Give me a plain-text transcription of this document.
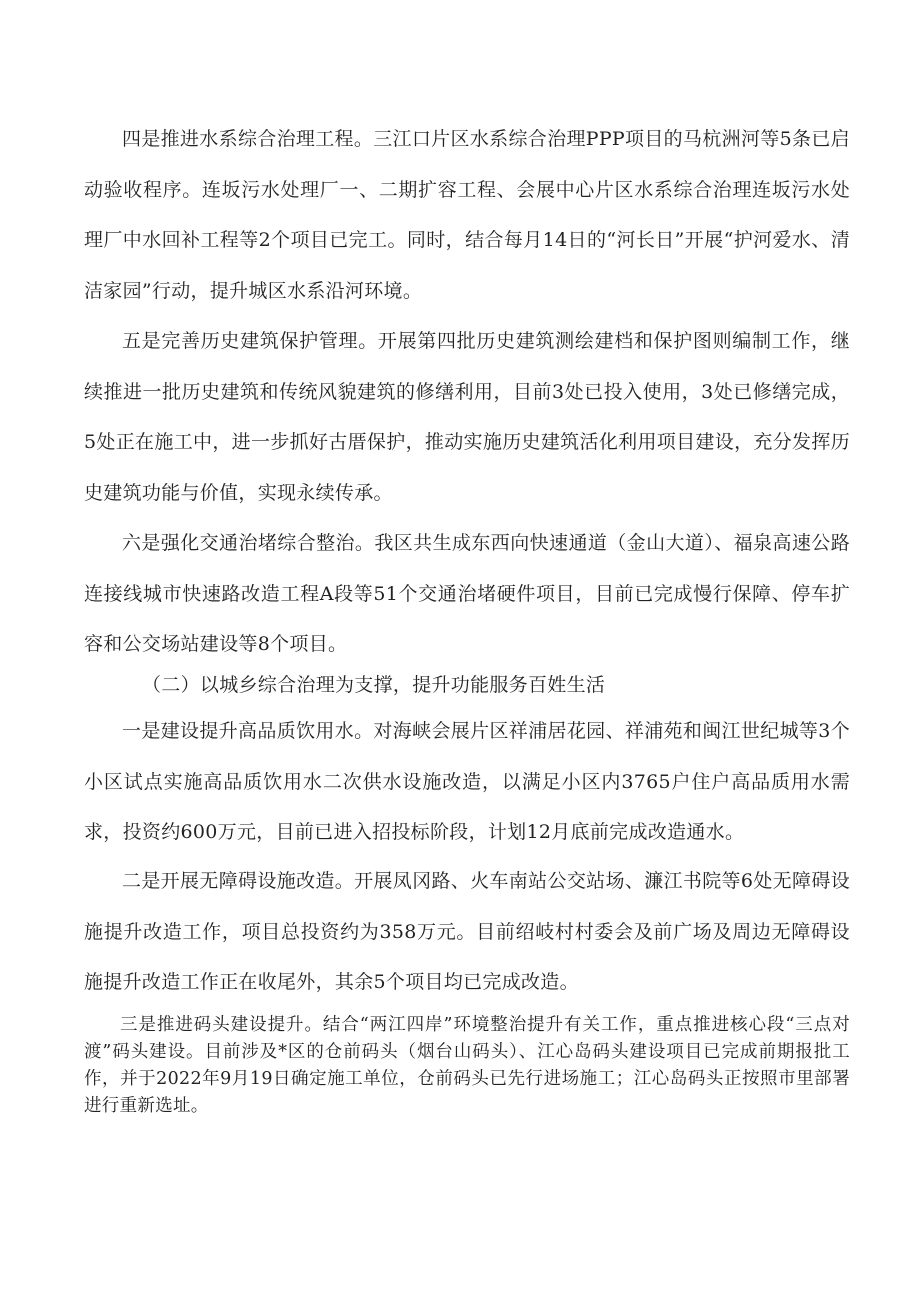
四是推进水系综合治理工程。三江口片区水系综合治理PPP项目的马杭洲河等5条已启动验收程序。连坂污水处理厂一、二期扩容工程、会展中心片区水系综合治理连坂污水处理厂中水回补工程等2个项目已完工。同时，结合每月14日的“河长日”开展“护河爱水、清洁家园”行动，提升城区水系沿河环境。

五是完善历史建筑保护管理。开展第四批历史建筑测绘建档和保护图则编制工作，继续推进一批历史建筑和传统风貌建筑的修缮利用，目前3处已投入使用，3处已修缮完成，5处正在施工中，进一步抓好古厝保护，推动实施历史建筑活化利用项目建设，充分发挥历史建筑功能与价值，实现永续传承。

六是强化交通治堵综合整治。我区共生成东西向快速通道（金山大道）、福泉高速公路连接线城市快速路改造工程A段等51个交通治堵硬件项目，目前已完成慢行保障、停车扩容和公交场站建设等8个项目。

（二）以城乡综合治理为支撑，提升功能服务百姓生活

一是建设提升高品质饮用水。对海峡会展片区祥浦居花园、祥浦苑和闽江世纪城等3个小区试点实施高品质饮用水二次供水设施改造，以满足小区内3765户住户高品质用水需求，投资约600万元，目前已进入招投标阶段，计划12月底前完成改造通水。

二是开展无障碍设施改造。开展凤冈路、火车南站公交站场、濂江书院等6处无障碍设施提升改造工作，项目总投资约为358万元。目前绍岐村村委会及前广场及周边无障碍设施提升改造工作正在收尾外，其余5个项目均已完成改造。

三是推进码头建设提升。结合“两江四岸”环境整治提升有关工作，重点推进核心段“三点对渡”码头建设。目前涉及*区的仓前码头（烟台山码头）、江心岛码头建设项目已完成前期报批工作，并于2022年9月19日确定施工单位，仓前码头已先行进场施工；江心岛码头正按照市里部署进行重新选址。
